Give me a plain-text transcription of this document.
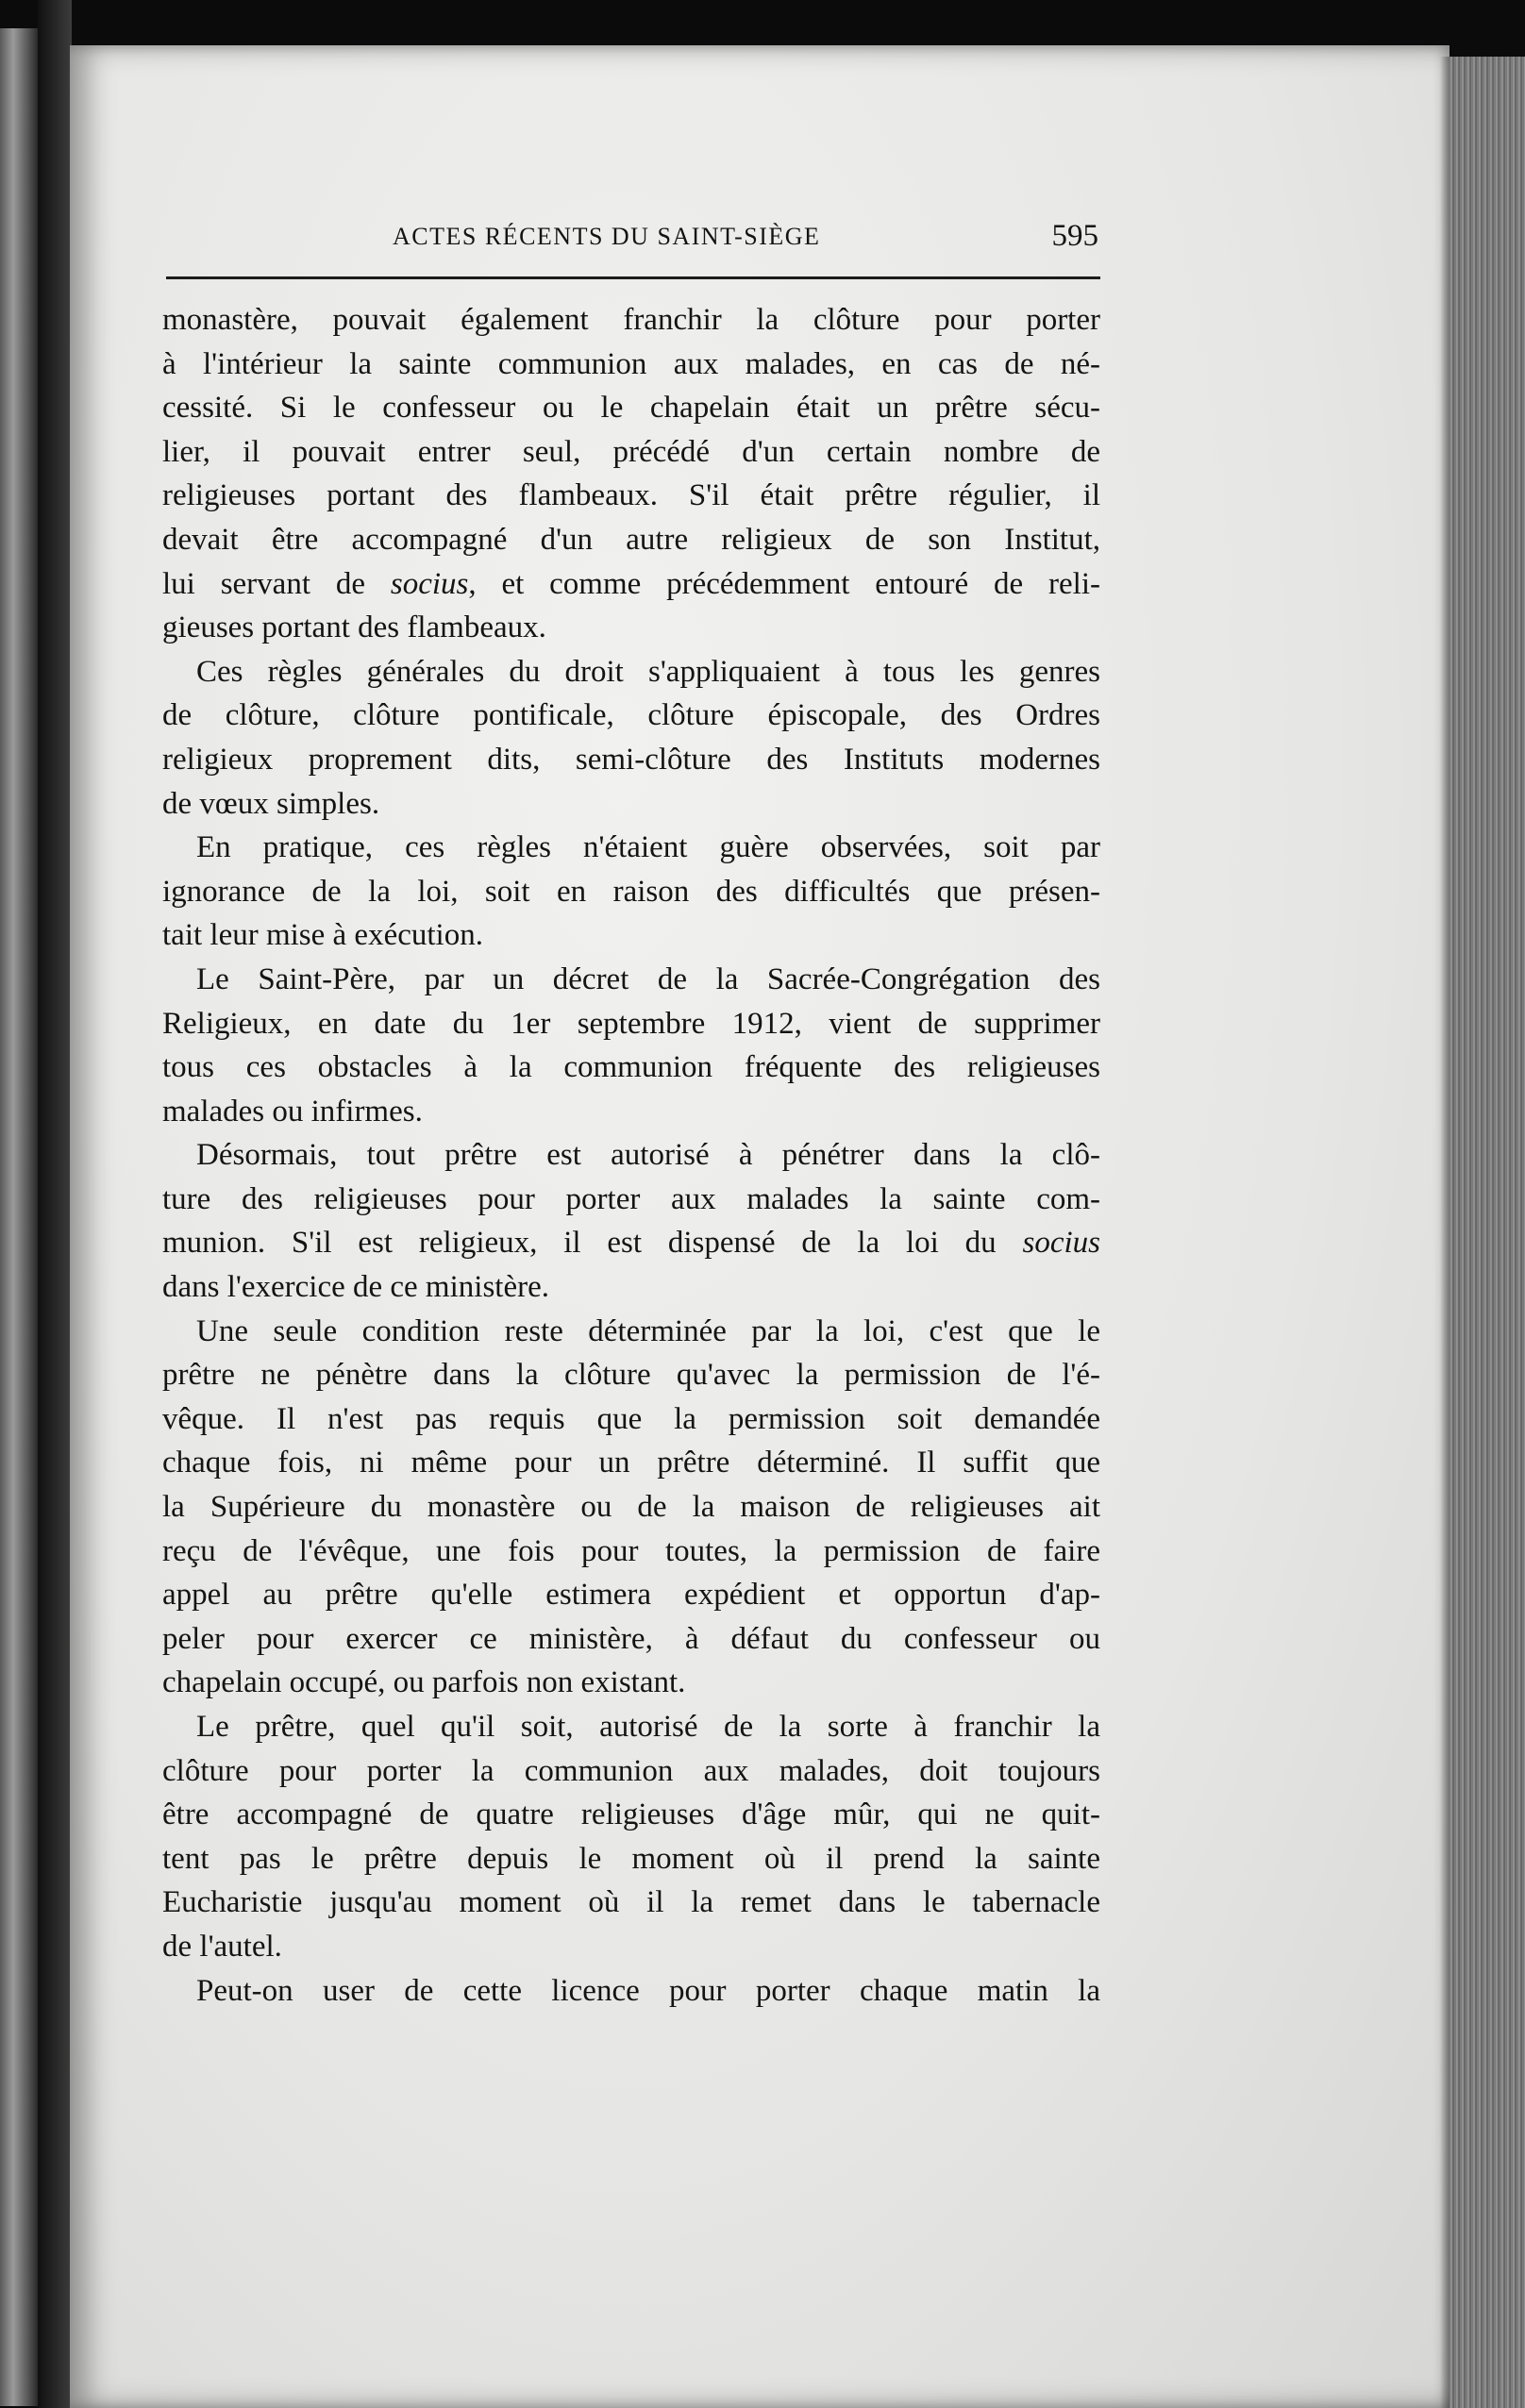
ACTES RÉCENTS DU SAINT-SIÈGE	595
monastère, pouvait également franchir la clôture pour porter
à l'intérieur la sainte communion aux malades, en cas de né-
cessité. Si le confesseur ou le chapelain était un prêtre sécu-
lier, il pouvait entrer seul, précédé d'un certain nombre de
religieuses portant des flambeaux. S'il était prêtre régulier, il
devait être accompagné d'un autre religieux de son Institut,
lui servant de socius, et comme précédemment entouré de reli-
gieuses portant des flambeaux.
Ces règles générales du droit s'appliquaient à tous les genres
de clôture, clôture pontificale, clôture épiscopale, des Ordres
religieux proprement dits, semi-clôture des Instituts modernes
de vœux simples.
En pratique, ces règles n'étaient guère observées, soit par
ignorance de la loi, soit en raison des difficultés que présen-
tait leur mise à exécution.
Le Saint-Père, par un décret de la Sacrée-Congrégation des
Religieux, en date du 1er septembre 1912, vient de supprimer
tous ces obstacles à la communion fréquente des religieuses
malades ou infirmes.
Désormais, tout prêtre est autorisé à pénétrer dans la clô-
ture des religieuses pour porter aux malades la sainte com-
munion. S'il est religieux, il est dispensé de la loi du socius
dans l'exercice de ce ministère.
Une seule condition reste déterminée par la loi, c'est que le
prêtre ne pénètre dans la clôture qu'avec la permission de l'é-
vêque. Il n'est pas requis que la permission soit demandée
chaque fois, ni même pour un prêtre déterminé. Il suffit que
la Supérieure du monastère ou de la maison de religieuses ait
reçu de l'évêque, une fois pour toutes, la permission de faire
appel au prêtre qu'elle estimera expédient et opportun d'ap-
peler pour exercer ce ministère, à défaut du confesseur ou
chapelain occupé, ou parfois non existant.
Le prêtre, quel qu'il soit, autorisé de la sorte à franchir la
clôture pour porter la communion aux malades, doit toujours
être accompagné de quatre religieuses d'âge mûr, qui ne quit-
tent pas le prêtre depuis le moment où il prend la sainte
Eucharistie jusqu'au moment où il la remet dans le tabernacle
de l'autel.
Peut-on user de cette licence pour porter chaque matin la
